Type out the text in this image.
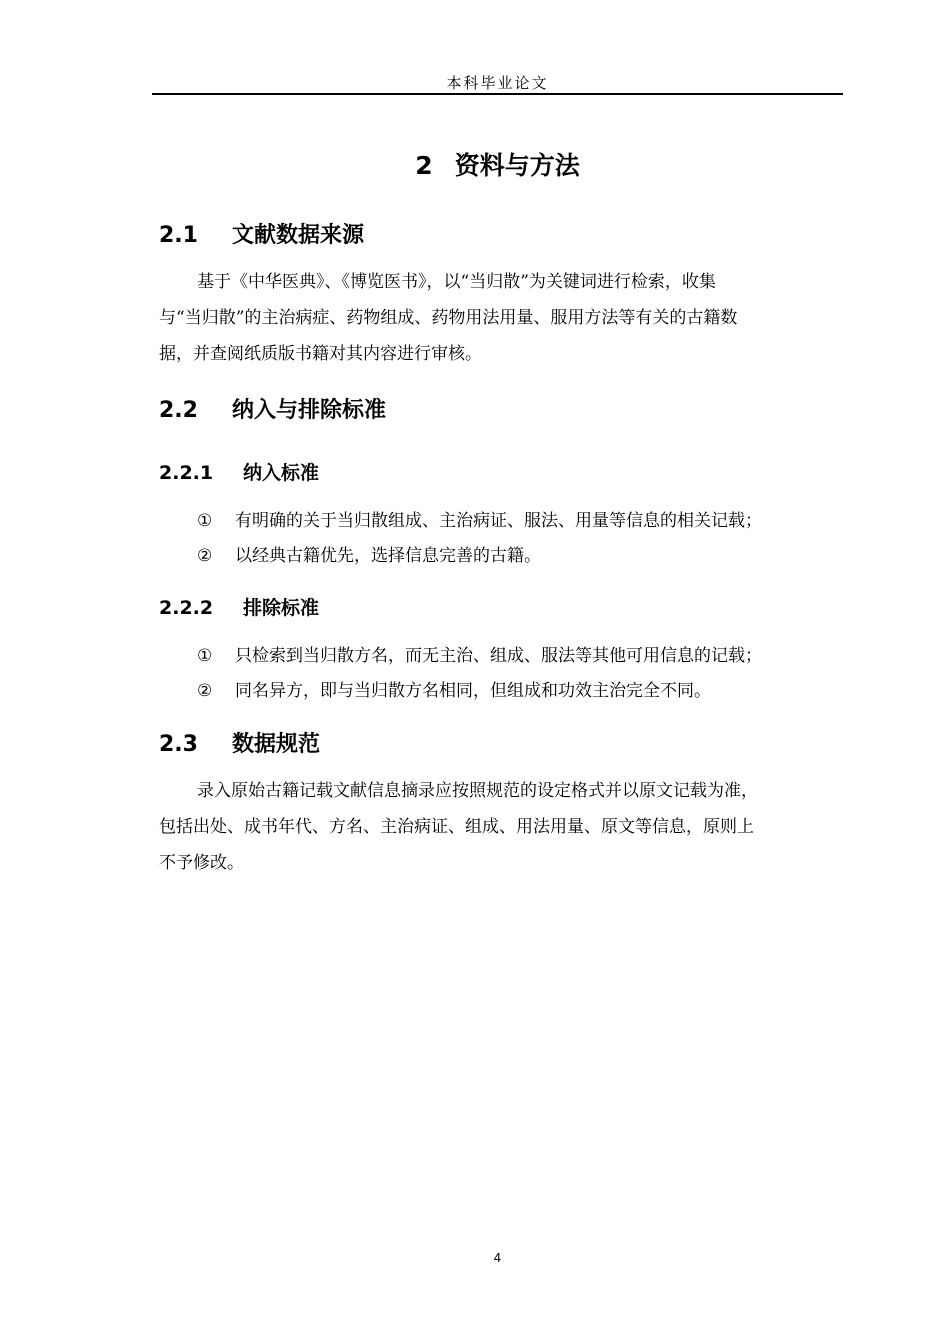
本科毕业论文
2 资料与方法
2.1 文献数据来源
基于《中华医典》、《博览医书》，以“当归散”为关键词进行检索，收集
与“当归散”的主治病症、药物组成、药物用法用量、服用方法等有关的古籍数
据，并查阅纸质版书籍对其内容进行审核。
2.2 纳入与排除标准
2.2.1 纳入标准
① 有明确的关于当归散组成、主治病证、服法、用量等信息的相关记载；
② 以经典古籍优先，选择信息完善的古籍。
2.2.2 排除标准
① 只检索到当归散方名，而无主治、组成、服法等其他可用信息的记载；
② 同名异方，即与当归散方名相同，但组成和功效主治完全不同。
2.3 数据规范
录入原始古籍记载文献信息摘录应按照规范的设定格式并以原文记载为准，
包括出处、成书年代、方名、主治病证、组成、用法用量、原文等信息，原则上
不予修改。
4
